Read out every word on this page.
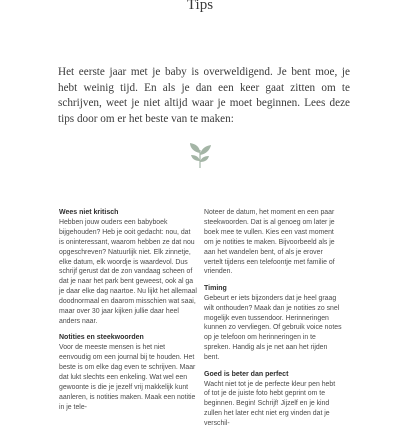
Tips
Het eerste jaar met je baby is overweldigend. Je bent moe, je hebt weinig tijd. En als je dan een keer gaat zitten om te schrijven, weet je niet altijd waar je moet beginnen. Lees deze tips door om er het beste van te maken:
Wees niet kritisch

Hebben jouw ouders een babyboek bijgehouden? Heb je ooit gedacht: nou, dat is oninteressant, waarom hebben ze dat nou opgeschreven? Natuurlijk niet. Elk zinnetje, elke datum, elk woordje is waardevol. Dus schrijf gerust dat de zon vandaag scheen of dat je naar het park bent geweest, ook al ga je daar elke dag naartoe. Nu lijkt het allemaal doodnormaal en daarom misschien wat saai, maar over 30 jaar kijken jullie daar heel anders naar.

Notities en steekwoorden

Voor de meeste mensen is het niet eenvoudig om een journal bij te houden. Het beste is om elke dag even te schrijven. Maar dat lukt slechts een enkeling. Wat wel een gewoonte is die je jezelf vrij makkelijk kunt aanleren, is notities maken. Maak een notitie in je tele-

Noteer de datum, het moment en een paar steekwoorden. Dat is al genoeg om later je boek mee te vullen. Kies een vast moment om je notities te maken. Bijvoorbeeld als je aan het wandelen bent, of als je erover vertelt tijdens een telefoontje met familie of vrienden.

Timing

Gebeurt er iets bijzonders dat je heel graag wilt onthouden? Maak dan je notities zo snel mogelijk even tussendoor. Herinneringen kunnen zo vervliegen. Of gebruik voice notes op je telefoon om herinneringen in te spreken. Handig als je net aan het rijden bent.

Goed is beter dan perfect

Wacht niet tot je de perfecte kleur pen hebt of tot je de juiste foto hebt geprint om te beginnen. Begin! Schrijf! Jijzelf en je kind zullen het later echt niet erg vinden dat je verschil-
